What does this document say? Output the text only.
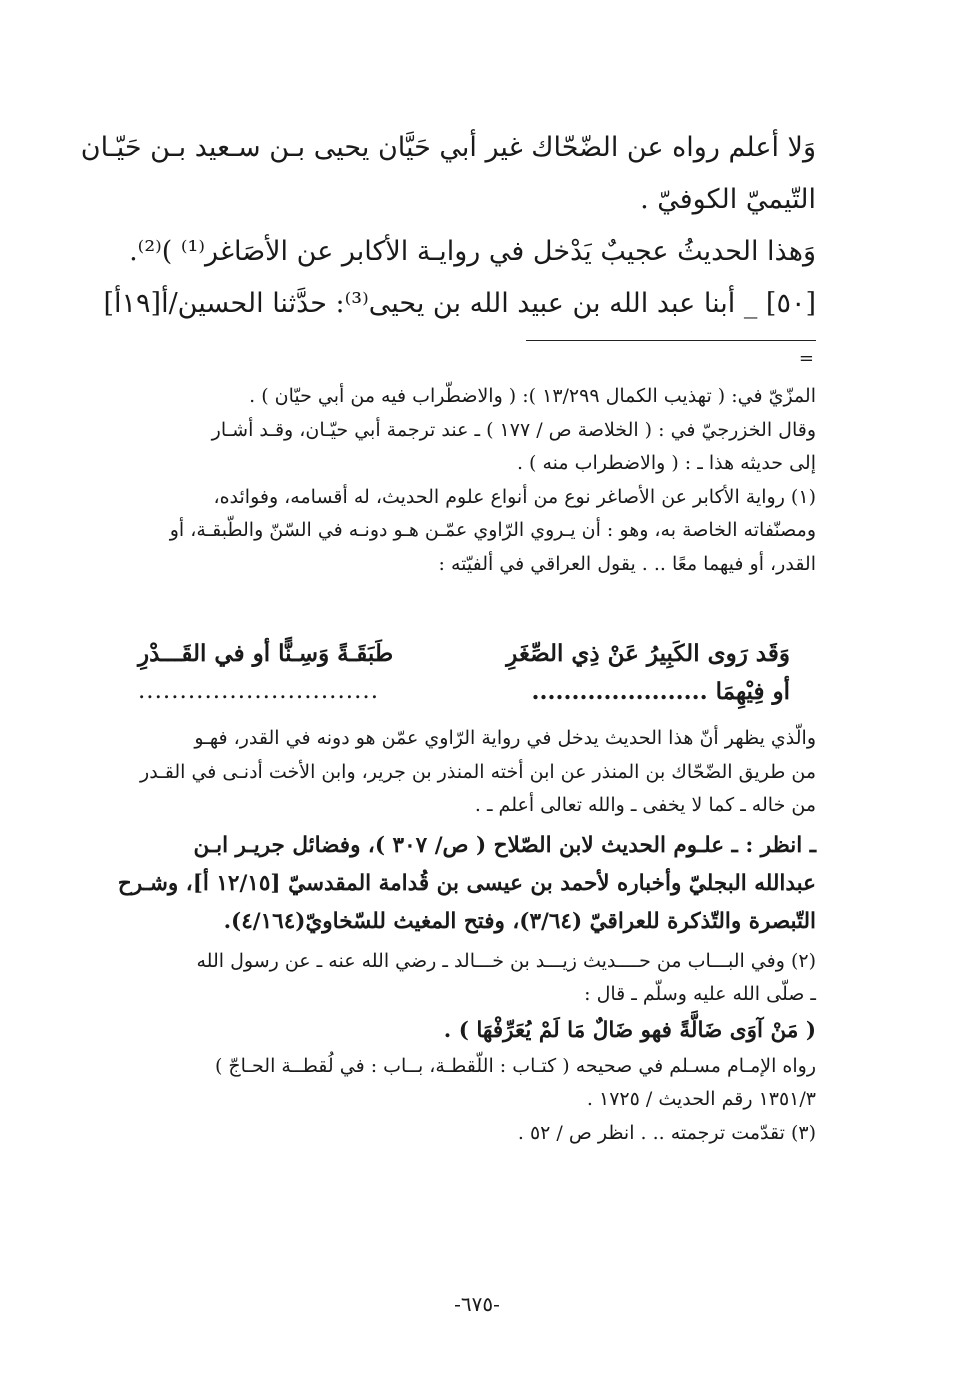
وَلا أعلم رواه عن الضّحّاك غير أبي حَيَّان يحيى بـن سـعيد بـن حَيّـان
التّيميّ الكوفيّ .
وَهذا الحديثُ عجيبٌ يَدْخل في روايـة الأكابر عن الأصَاغر⁽¹⁾ )⁽²⁾.
[٥٠] _ أبنا عبد الله بن عبيد الله بن يحيى⁽³⁾: حدَّثنا الحسين/أ[١٩أ]
=
المزّيّ في: ( تهذيب الكمال ١٣/٢٩٩ ): ( والاضطّراب فيه من أبي حيّان ) .
وقال الخزرجيّ في : ( الخلاصة ص / ١٧٧ ) ـ عند ترجمة أبي حيّـان، وقـد أشـار
إلى حديثه هذا ـ : ( والاضطراب منه ) .
(١) رواية الأكابر عن الأصاغر نوع من أنواع علوم الحديث، له أقسامه، وفوائده،
ومصنّفاته الخاصة به، وهو : أن يـروي الرّاوي عمّـن هـو دونـه في السّنّ والطّبقـة، أو
القدر، أو فيهما معًا .. . يقول العراقي في ألفيّته :
وَقَد رَوى الكَبِيرُ عَنْ ذِي الصِّغَرِ
طَبَقَـةً وَسِـنًّا أو في القَـــدْرِ
أو فِيْهِمَا ......................
.............................
والّذي يظهر أنّ هذا الحديث يدخل في رواية الرّاوي عمّن هو دونه في القدر، فهـو
من طريق الضّحّاك بن المنذر عن ابن أخته المنذر بن جرير، وابن الأخت أدنـى في القـدر
من خاله ـ كما لا يخفى ـ والله تعالى أعلم ـ .
ـ انظر : ـ علـوم الحديث لابن الصّلاح ( ص/ ٣٠٧ )، وفضائل جريـر ابـن
عبدالله البجليّ وأخباره لأحمد بن عيسى بن قُدامة المقدسيّ [١٢/١٥ أ]، وشـرح
التّبصرة والتّذكرة للعراقيّ (٣/٦٤)، وفتح المغيث للسّخاويّ(٤/١٦٤).
(٢) وفي البـــاب من حــــديث زيـــد بن خـــالد ـ رضي الله عنه ـ عن رسول الله
ـ صلّى الله عليه وسلّم ـ قال :
( مَنْ آوَى ضَالَّةً فهو ضَالٌ مَا لَمْ يُعَرِّفْهَا ) .
رواه الإمـام مسـلم في صحيحه ( كتـاب : اللّقطـة، بــاب : في لُقطــة الحـاجّ )
١٣٥١/٣ رقم الحديث / ١٧٢٥ .
(٣) تقدّمت ترجمته .. . انظر ص / ٥٢ .
-٦٧٥-
